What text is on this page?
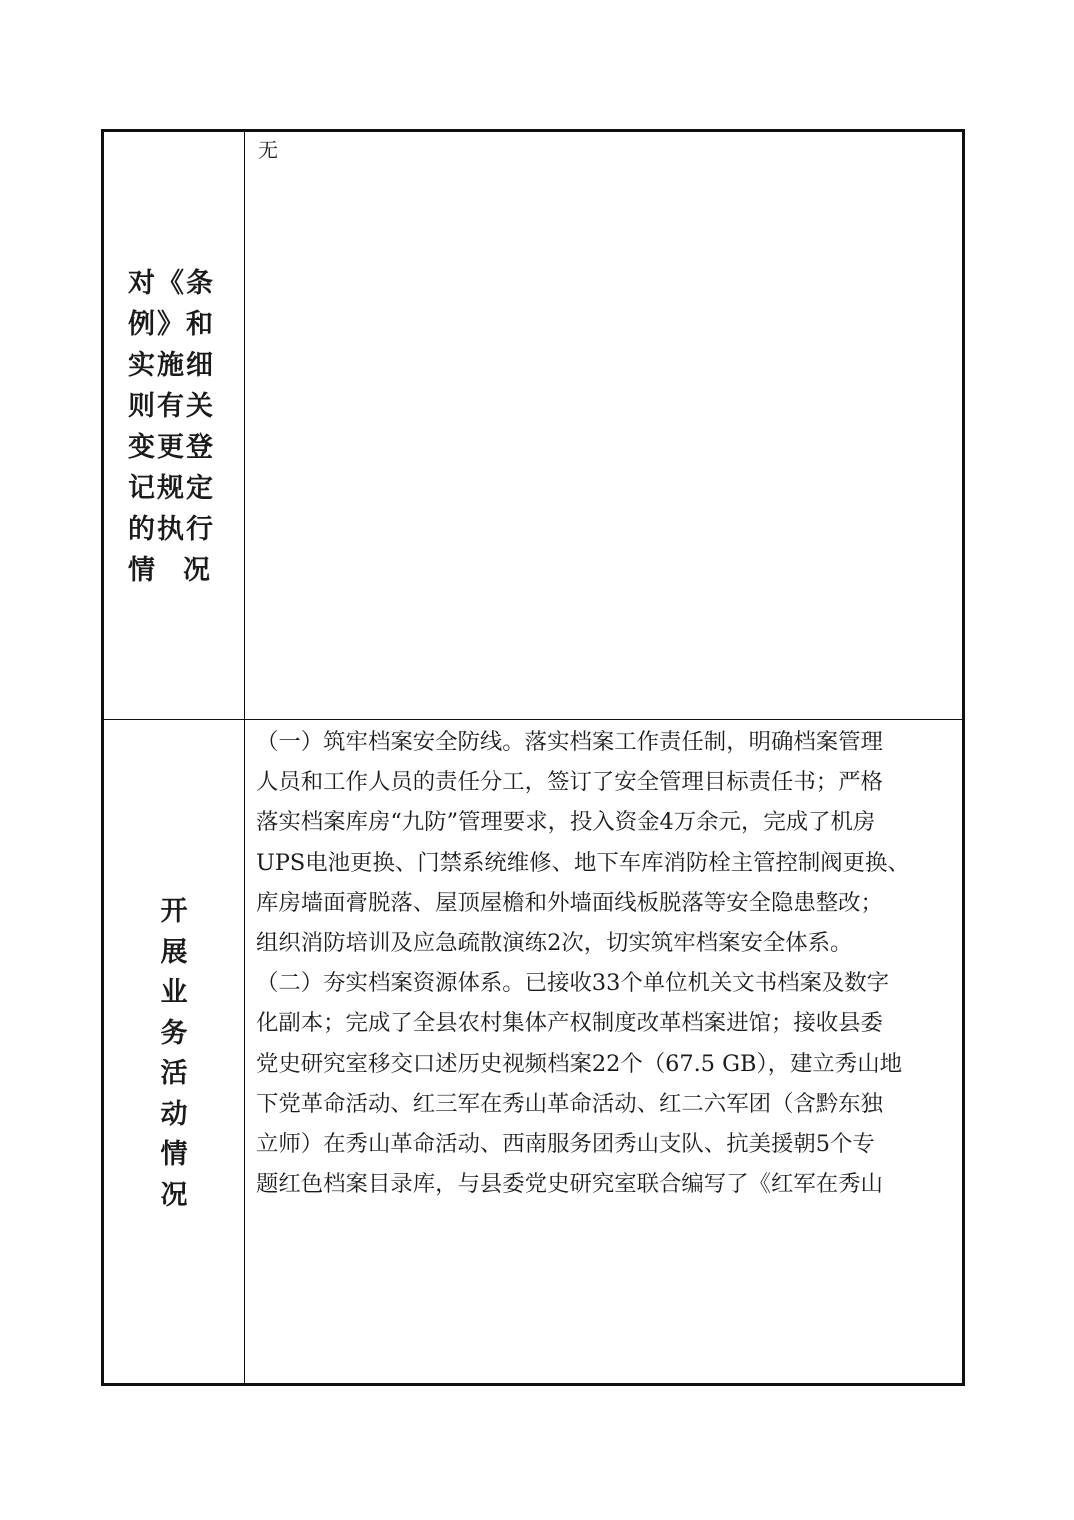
对《条
例》和
实施细
则有关
变更登
记规定
的执行
情 况
无
开
展
业
务
活
动
情
况
（一）筑牢档案安全防线。落实档案工作责任制，明确档案管理
人员和工作人员的责任分工，签订了安全管理目标责任书；严格
落实档案库房“九防”管理要求，投入资金4万余元，完成了机房
UPS电池更换、门禁系统维修、地下车库消防栓主管控制阀更换、
库房墙面膏脱落、屋顶屋檐和外墙面线板脱落等安全隐患整改；
组织消防培训及应急疏散演练2次，切实筑牢档案安全体系。
（二）夯实档案资源体系。已接收33个单位机关文书档案及数字
化副本；完成了全县农村集体产权制度改革档案进馆；接收县委
党史研究室移交口述历史视频档案22个（67.5 GB），建立秀山地
下党革命活动、红三军在秀山革命活动、红二六军团（含黔东独
立师）在秀山革命活动、西南服务团秀山支队、抗美援朝5个专
题红色档案目录库，与县委党史研究室联合编写了《红军在秀山
